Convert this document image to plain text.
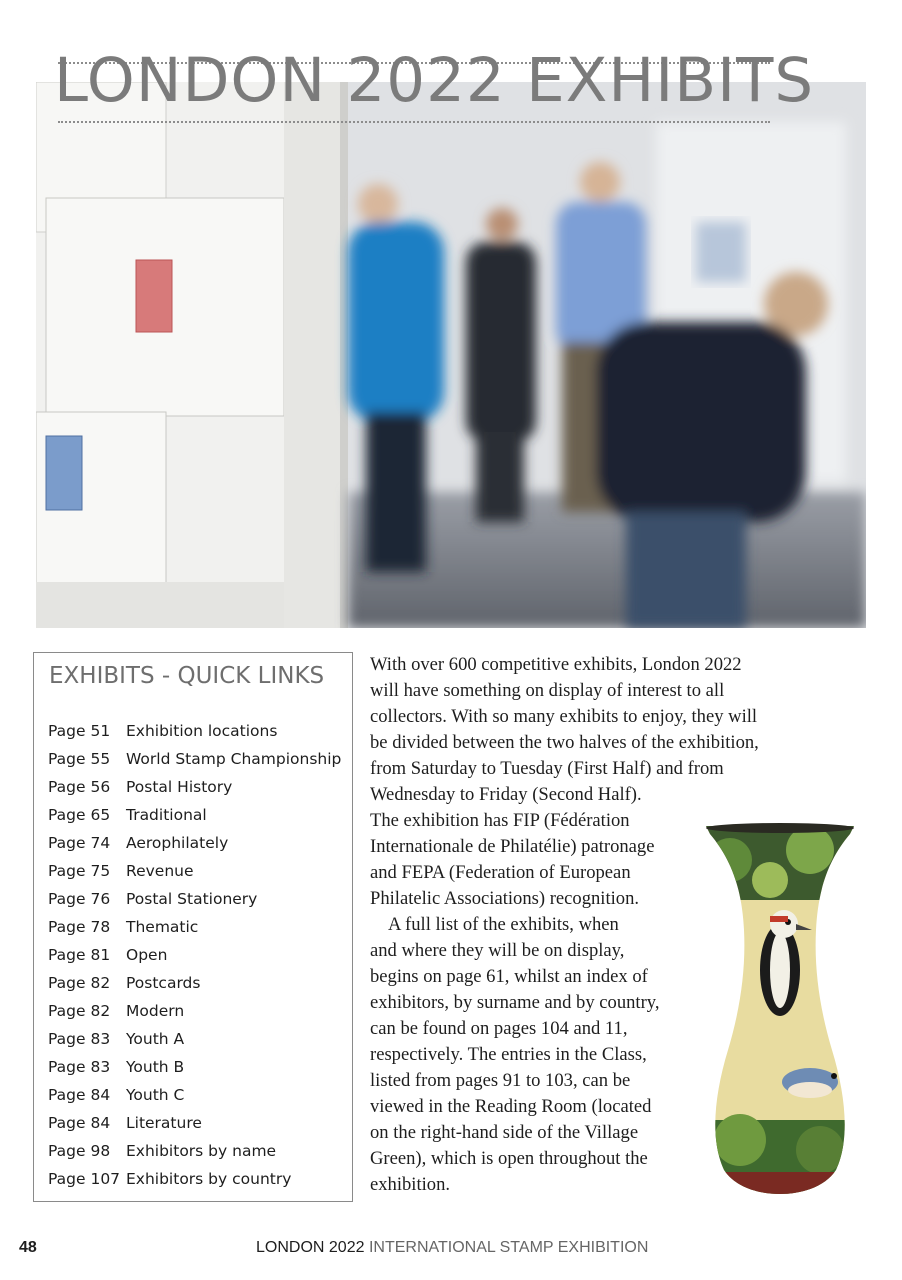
LONDON 2022 EXHIBITS
EXHIBITS - QUICK LINKS
Page 51	Exhibition locations
Page 55	World Stamp Championship
Page 56	Postal History
Page 65	Traditional
Page 74	Aerophilately
Page 75	Revenue
Page 76	Postal Stationery
Page 78	Thematic
Page 81	Open
Page 82	Postcards
Page 82	Modern
Page 83	Youth A
Page 83	Youth B
Page 84	Youth C
Page 84	Literature
Page 98	Exhibitors by name
Page 107 Exhibitors by country

With over 600 competitive exhibits, London 2022
will have something on display of interest to all
collectors. With so many exhibits to enjoy, they will
be divided between the two halves of the exhibition,
from Saturday to Tuesday (First Half) and from
Wednesday to Friday (Second Half).
The exhibition has FIP (Fédération
Internationale de Philatélie) patronage
and FEPA (Federation of European
Philatelic Associations) recognition.
A full list of the exhibits, when
and where they will be on display,
begins on page 61, whilst an index of
exhibitors, by surname and by country,
can be found on pages 104 and 11,
respectively. The entries in the Class,
listed from pages 91 to 103, can be
viewed in the Reading Room (located
on the right-hand side of the Village
Green), which is open throughout the
exhibition.

48	LONDON 2022 INTERNATIONAL STAMP EXHIBITION
